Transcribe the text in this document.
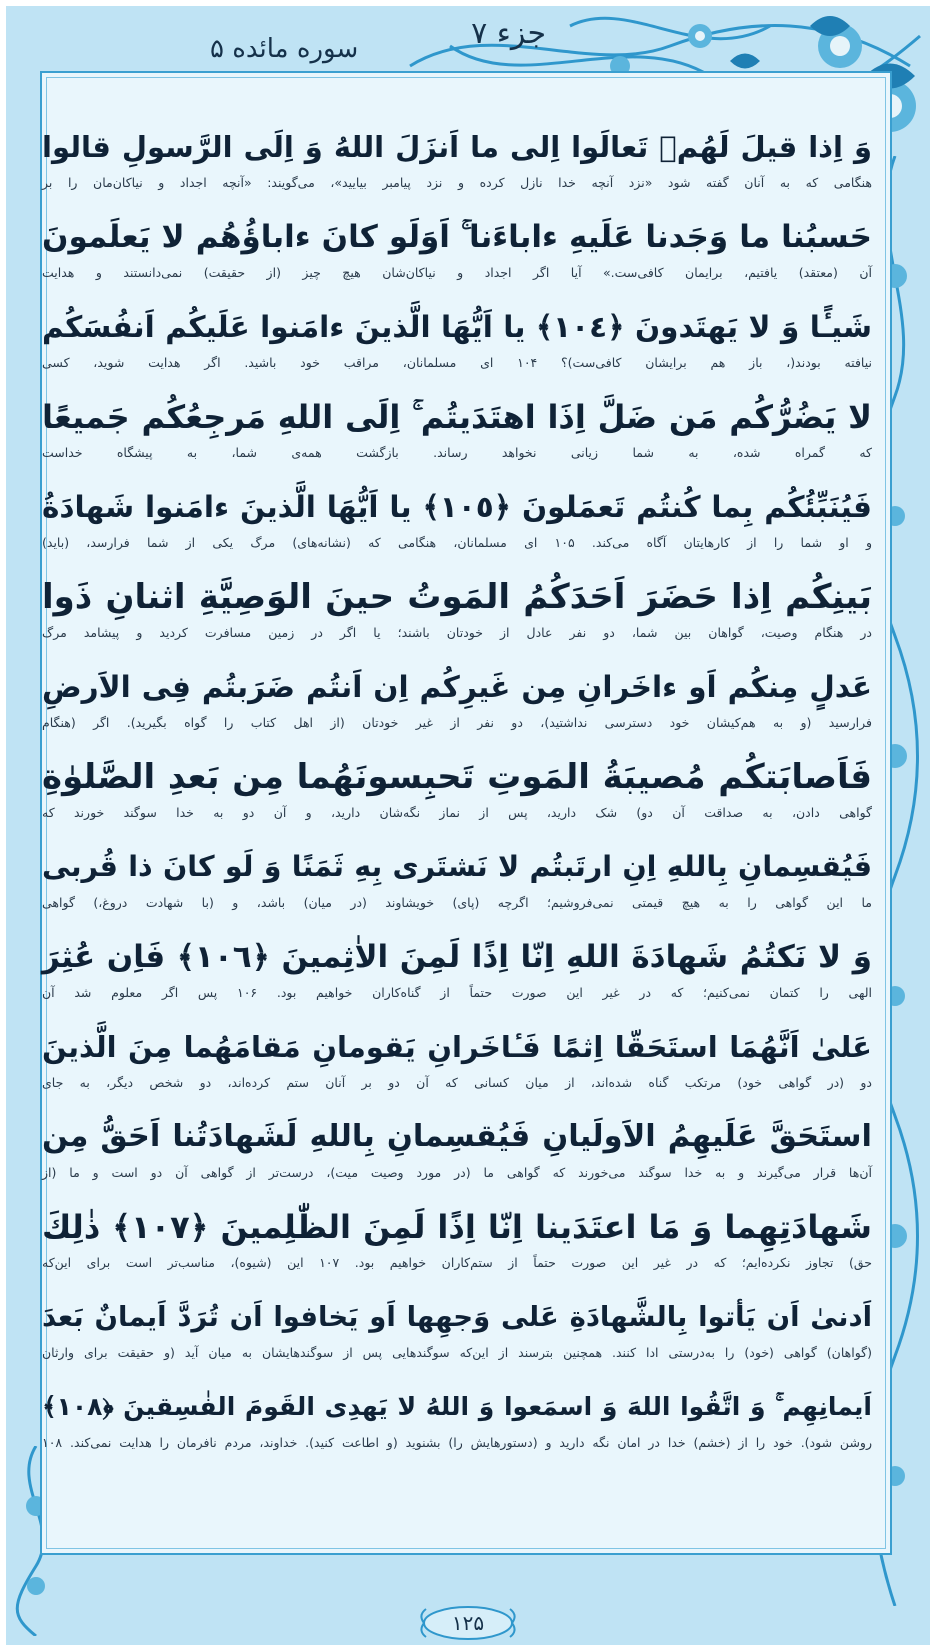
جزء ۷
سوره مائده ۵
وَ اِذا قيلَ لَهُمۡ تَعالَوا اِلى ما اَنزَلَ اللهُ وَ اِلَى الرَّسولِ قالوا
هنگامی که به آنان گفته شود «نزد آنچه خدا نازل کرده و نزد پیامبر بیایید»، می‌گویند: «آنچه اجداد و نیاکان‌مان را بر
حَسبُنا ما وَجَدنا عَلَيهِ ءاباءَنا ۚ اَوَلَو كانَ ءاباؤُهُم لا يَعلَمونَ
آن (معتقد) یافتیم، برایمان کافی‌ست.» آیا اگر اجداد و نیاکان‌شان هیچ چیز (از حقیقت) نمی‌دانستند و هدایت
شَيـًٔا وَ لا يَهتَدونَ ﴿١٠٤﴾ يا اَيُّهَا الَّذينَ ءامَنوا عَلَيكُم اَنفُسَكُم
نیافته بودند(، باز هم برایشان کافی‌ست)؟ ۱۰۴ ای مسلمانان، مراقب خود باشید. اگر هدایت شوید، کسی
لا يَضُرُّكُم مَن ضَلَّ اِذَا اهتَدَيتُم ۚ اِلَى اللهِ مَرجِعُكُم جَميعًا
که گمراه شده، به شما زیانی نخواهد رساند. بازگشت همه‌ی شما، به پیشگاه خداست
فَيُنَبِّئُكُم بِما كُنتُم تَعمَلونَ ﴿١٠٥﴾ يا اَيُّهَا الَّذينَ ءامَنوا شَهادَةُ
و او شما را از کارهایتان آگاه می‌کند. ۱۰۵ ای مسلمانان، هنگامی که (نشانه‌های) مرگ یکی از شما فرارسد، (باید)
بَينِكُم اِذا حَضَرَ اَحَدَكُمُ المَوتُ حينَ الوَصِيَّةِ اثنانِ ذَوا
در هنگام وصیت، گواهان بین شما، دو نفر عادل از خودتان باشند؛ یا اگر در زمین مسافرت کردید و پیشامد مرگ
عَدلٍ مِنكُم اَو ءاخَرانِ مِن غَيرِكُم اِن اَنتُم ضَرَبتُم فِى الاَرضِ
فرارسید (و به هم‌کیشان خود دسترسی نداشتید)، دو نفر از غیر خودتان (از اهل کتاب را گواه بگیرید). اگر (هنگام
فَاَصابَتكُم مُصيبَةُ المَوتِ تَحبِسونَهُما مِن بَعدِ الصَّلوٰةِ
گواهی دادن، به صداقت آن دو) شک دارید، پس از نماز نگه‌شان دارید، و آن دو به خدا سوگند خورند که
فَيُقسِمانِ بِاللهِ اِنِ ارتَبتُم لا نَشتَرى بِهِ ثَمَنًا وَ لَو كانَ ذا قُربى
ما این گواهی را به هیچ قیمتی نمی‌فروشیم؛ اگرچه (پای) خویشاوند (در میان) باشد، و (با شهادت دروغ،) گواهی
وَ لا نَكتُمُ شَهادَةَ اللهِ اِنّا اِذًا لَمِنَ الاٰثِمينَ ﴿١٠٦﴾ فَاِن عُثِرَ
الهی را کتمان نمی‌کنیم؛ که در غیر این صورت حتماً از گناه‌کاران خواهیم بود. ۱۰۶ پس اگر معلوم شد آن
عَلىٰ اَنَّهُمَا استَحَقّا اِثمًا فَـٔاخَرانِ يَقومانِ مَقامَهُما مِنَ الَّذينَ
دو (در گواهی خود) مرتکب گناه شده‌اند، از میان کسانی که آن دو بر آنان ستم کرده‌اند، دو شخص دیگر، به جای
استَحَقَّ عَلَيهِمُ الاَولَيانِ فَيُقسِمانِ بِاللهِ لَشَهادَتُنا اَحَقُّ مِن
آن‌ها قرار می‌گیرند و به خدا سوگند می‌خورند که گواهی ما (در مورد وصیت میت)، درست‌تر از گواهی آن دو است و ما (از
شَهادَتِهِما وَ مَا اعتَدَينا اِنّا اِذًا لَمِنَ الظّٰلِمينَ ﴿١٠٧﴾ ذٰلِكَ
حق) تجاوز نکرده‌ایم؛ که در غیر این صورت حتماً از ستم‌کاران خواهیم بود. ۱۰۷ این (شیوه)، مناسب‌تر است برای این‌که
اَدنىٰ اَن يَأتوا بِالشَّهادَةِ عَلى وَجهِها اَو يَخافوا اَن تُرَدَّ اَيمانٌ بَعدَ
(گواهان) گواهی (خود) را به‌درستی ادا کنند. همچنین بترسند از این‌که سوگندهایی پس از سوگندهایشان به میان آید (و حقیقت برای وارثان
اَيمانِهِم ۚ وَ اتَّقُوا اللهَ وَ اسمَعوا وَ اللهُ لا يَهدِى القَومَ الفٰسِقينَ ﴿١٠٨﴾
روشن شود). خود را از (خشم) خدا در امان نگه دارید و (دستورهایش را) بشنوید (و اطاعت کنید). خداوند، مردم نافرمان را هدایت نمی‌کند. ۱۰۸
۱۲۵
